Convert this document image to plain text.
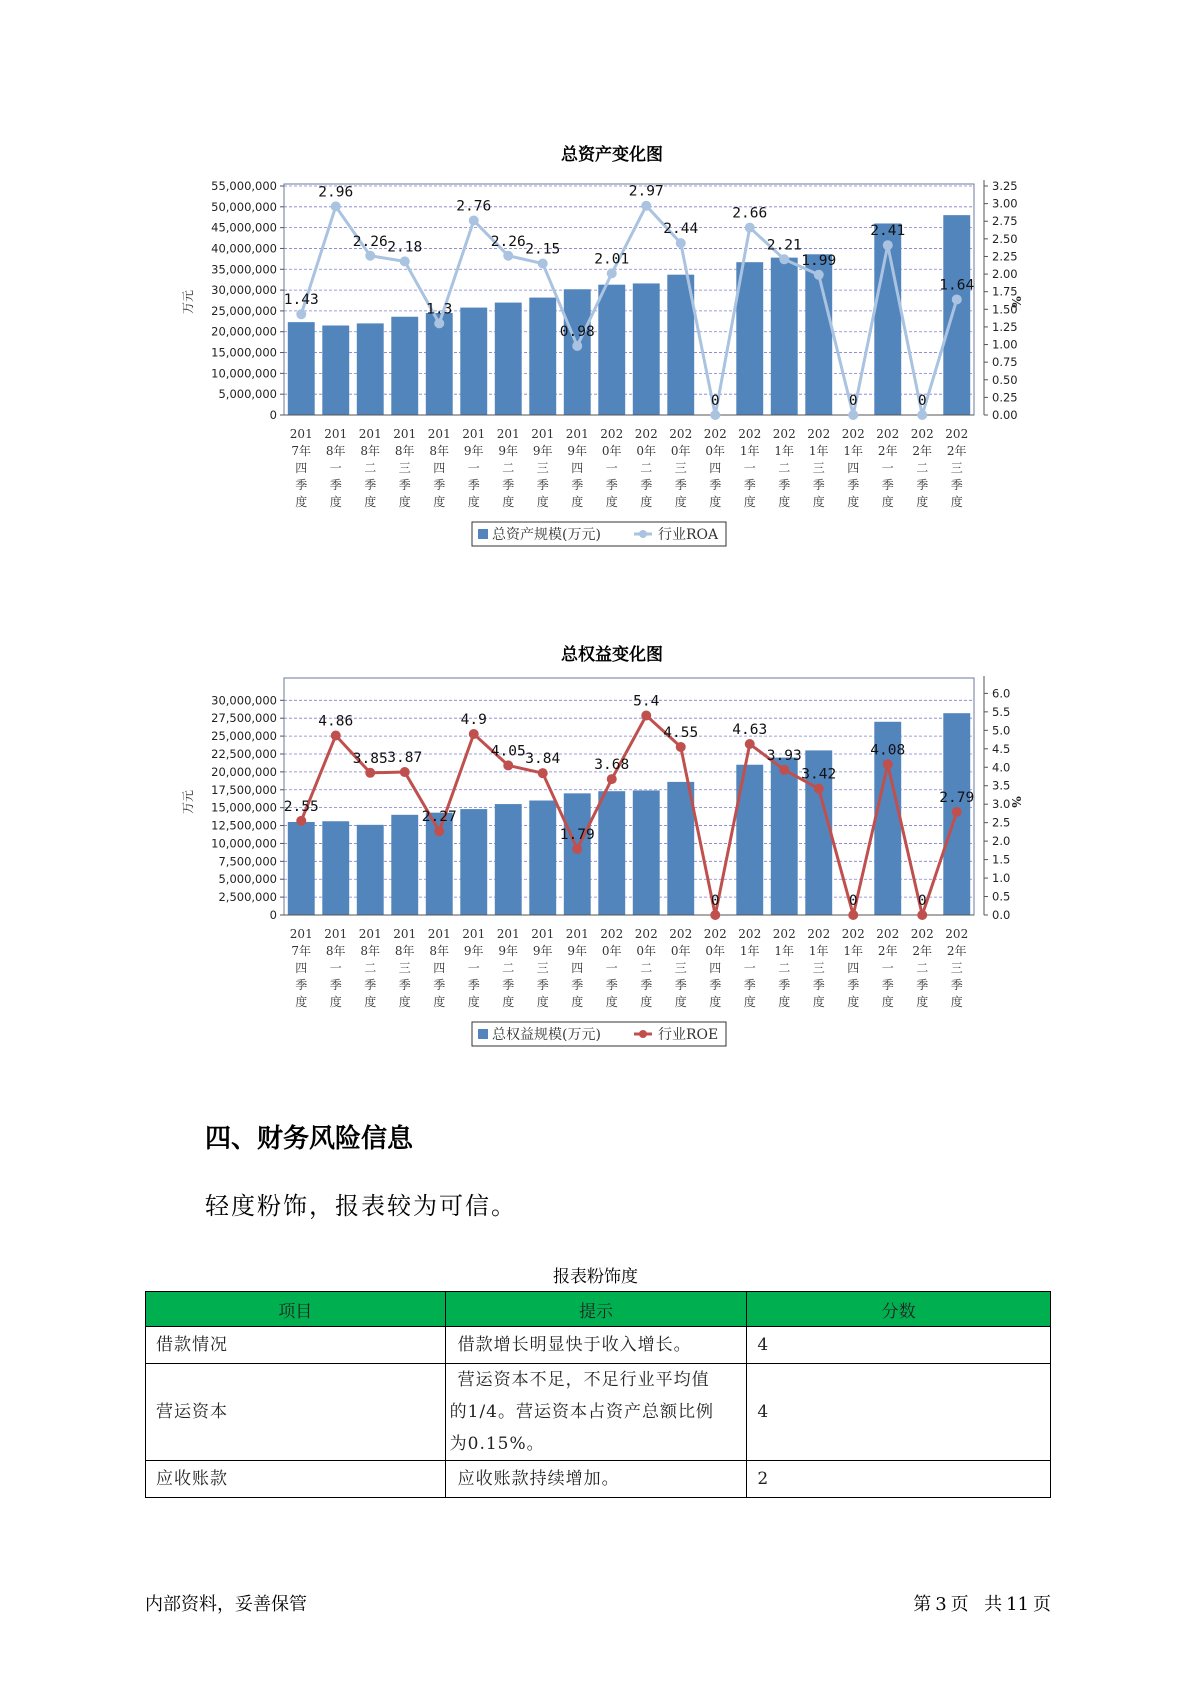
总资产变化图
0
5,000,000
10,000,000
15,000,000
20,000,000
25,000,000
30,000,000
35,000,000
40,000,000
45,000,000
50,000,000
55,000,000
0.00
0.25
0.50
0.75
1.00
1.25
1.50
1.75
2.00
2.25
2.50
2.75
3.00
3.25
万元	%
1.43
2.96
2.26 2.18
1.3
2.76
2.26 2.15
0.98
2.01
2.97
2.44
0
2.66
2.21
1.99
0
2.41
0
1.64
201 7年四季度
201 8年一季度
201 8年二季度
201 8年三季度
201 8年四季度
201 9年一季度
201 9年二季度
201 9年三季度
201 9年四季度
202 0年一季度
202 0年二季度
202 0年三季度
202 0年四季度
202 1年一季度
202 1年二季度
202 1年三季度
202 1年四季度
202 2年一季度
202 2年二季度
202 2年三季度
总资产规模(万元)	行业ROA
总权益变化图
0
2,500,000
5,000,000
7,500,000
10,000,000
12,500,000
15,000,000
17,500,000
20,000,000
22,500,000
25,000,000
27,500,000
30,000,000
0.0
0.5
1.0
1.5
2.0
2.5
3.0
3.5
4.0
4.5
5.0
5.5
6.0
万元	%
2.55
4.86
3.85 3.87
2.27
4.9
4.05 3.84
1.79
3.68
5.4
4.55
0
4.63
3.93
3.42
0
4.08
0
2.79
201 7年四季度
201 8年一季度
201 8年二季度
201 8年三季度
201 8年四季度
201 9年一季度
201 9年二季度
201 9年三季度
201 9年四季度
202 0年一季度
202 0年二季度
202 0年三季度
202 0年四季度
202 1年一季度
202 1年二季度
202 1年三季度
202 1年四季度
202 2年一季度
202 2年二季度
202 2年三季度
总权益规模(万元)	行业ROE
四、财务风险信息

轻度粉饰，报表较为可信。

报表粉饰度
项目	提示	分数
借款情况	借款增长明显快于收入增长。	4
营运资本	营运资本不足，不足行业平均值
的1/4。营运资本占资产总额比例
为0.15%。	4
应收账款	应收账款持续增加。	2
内部资料，妥善保管	第 3 页 共 11 页
